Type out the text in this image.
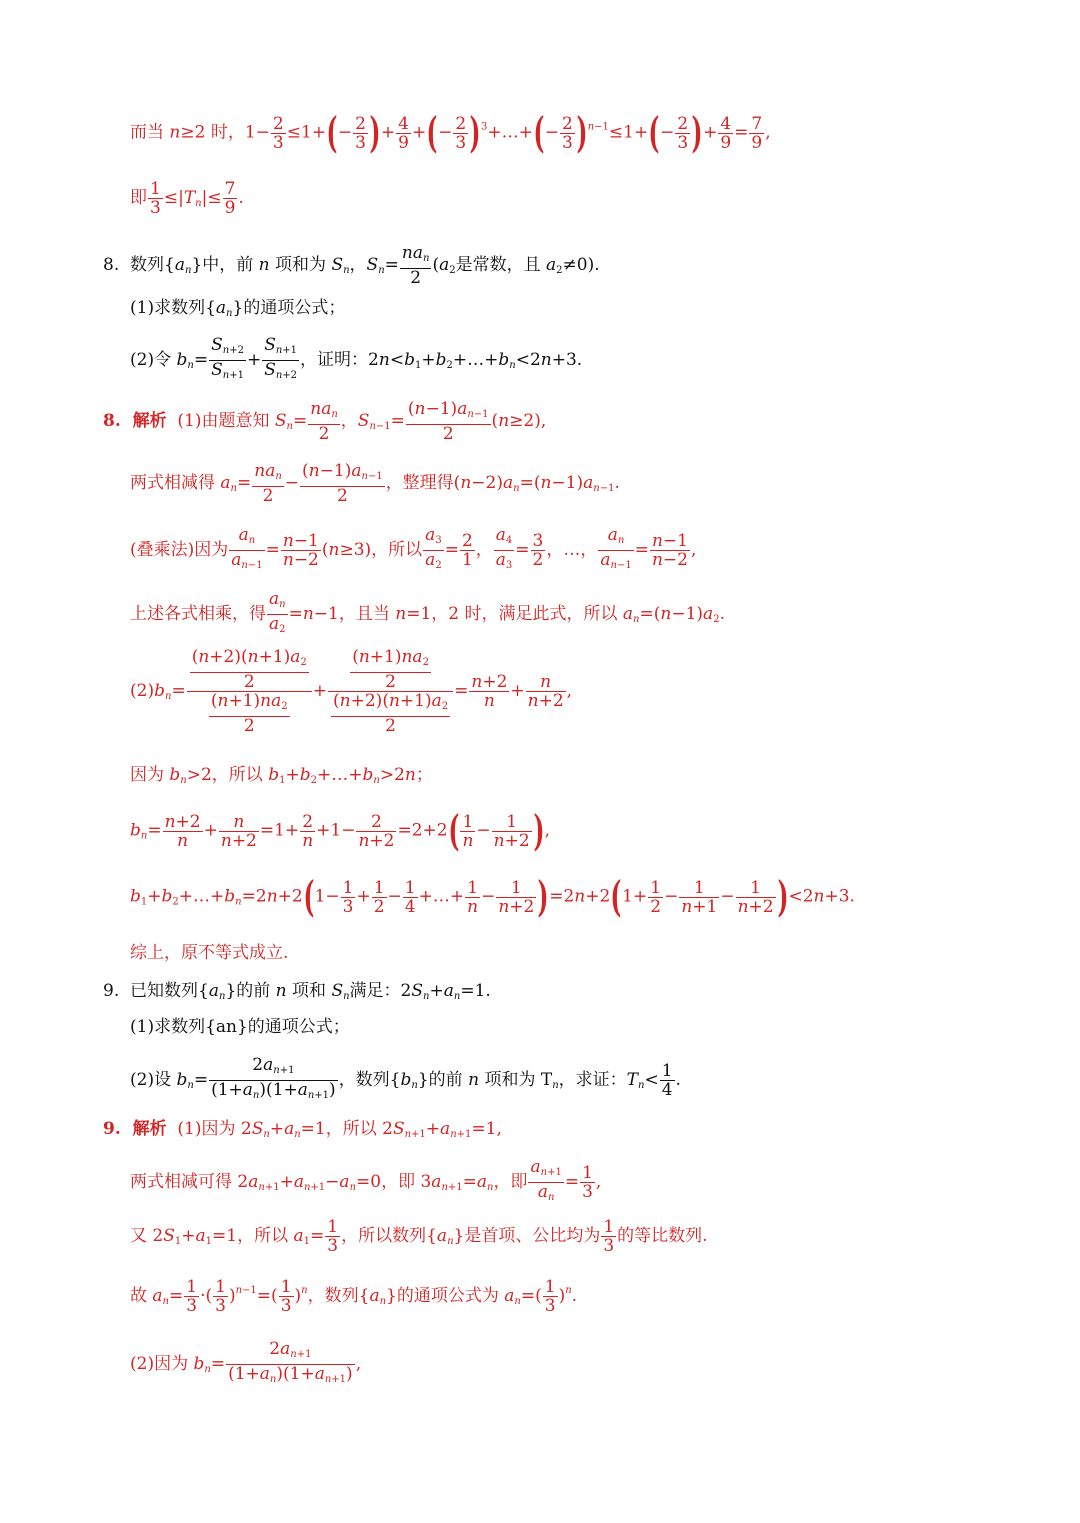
而当 n≥2 时，$1- \frac{2}{3} \le 1+(- \frac{2}{3}$ )+ $\frac{4}{9}$ +(− $\frac{2}{3}$ )$^3$+…+(− $\frac{2}{3} )^{n-1}\le 1+(- \frac{2}{3}$ )+ $\frac{4}{9} = \frac{7}{9}$ ,
即 $\frac{1}{3} \le|Tn|\le \frac{7}{9}$ .
8.  数列{an}中，前 n 项和为 Sn，Sn=
nan
2
(a2是常数，且 a2≠0).
(1)求数列{an}的通项公式；
(2)令 $bn= \frac{Sn+2}{Sn+1} + \frac{Sn+1}{Sn+2}$ ，证明：2n<b1+b2+…+bn<2n+3.
8.  解析  (1)由题意知 Sn=
nan
2
，$Sn-1= \frac{(n-1)an-1}{2} (n\ge 2)$,
两式相减得 an=
nan
2
− $\frac{(n-1)an-1}{2}$ ，整理得(n−2)an=(n−1)an−1.
(叠乘法)因为 $\frac{an}{an-1} = \frac{n-1}{n-2} (n\ge 3)$，所以 $\frac{a3}{a2} = \frac{2}{1}$ ， $\frac{a4}{a3} = \frac{3}{2}$ ，…， $\frac{an}{an-1} = \frac{n-1}{n-2}$ ,
上述各式相乘，得 $\frac{an}{a2} =n-1$，且当 n=1，2 时，满足此式，所以 an=(n−1)a2.
$(2)bn= \frac{\frac{(n+2)(n+1)a2}{2}}{\frac{(n+1)na2}{2}} + \frac{\frac{(n+1)na2}{2}}{\frac{(n+2)(n+1)a2}{2}} = \frac{n+2}{n} + \frac{n}{n+2}$ ,
因为 bn>2，所以 b1+b2+…+bn>2n；
$bn= \frac{n+2}{n} + \frac{n}{n+2} =1+ \frac{2}{n} +1- \frac{2}{n+2} =2+2( \frac{1}{n} - \frac{1}{n+2}$ ),
b1+b2+…+bn=2n+2(1− $\frac{1}{3} + \frac{1}{2} - \frac{1}{4}$ +…+ $\frac{1}{n} - \frac{1}{n+2} )=2n+2(1+ \frac{1}{2} - \frac{1}{n+1} - \frac{1}{n+2} )<2n+3$.
综上，原不等式成立.
9.  已知数列{an}的前 n 项和 Sn满足：2Sn+an=1.
(1)求数列{an}的通项公式；
(2)设 $bn= \frac{2an+1}{(1+an)(1+an+1)}$ ，数列{bn}的前 n 项和为 Tn，求证：$Tn< \frac{1}{4}$ .
9.  解析  (1)因为 2Sn+an=1，所以 2Sn+1+an+1=1,
两式相减可得 2an+1+an+1−an=0，即 3an+1=an，即 $\frac{an+1}{an} = \frac{1}{3}$ ,
又 2S1+a1=1，所以 $a1= \frac{1}{3}$ ，所以数列{an}是首项、公比均为 $\frac{1}{3}$ 的等比数列.
故 $an= \frac{1}{3}$ ·( $\frac{1}{3} )^{n-1}=( \frac{1}{3} )^n$，数列{an}的通项公式为 $an=( \frac{1}{3} )^n$.
(2)因为 $bn= \frac{2an+1}{(1+an)(1+an+1)}$ ,
